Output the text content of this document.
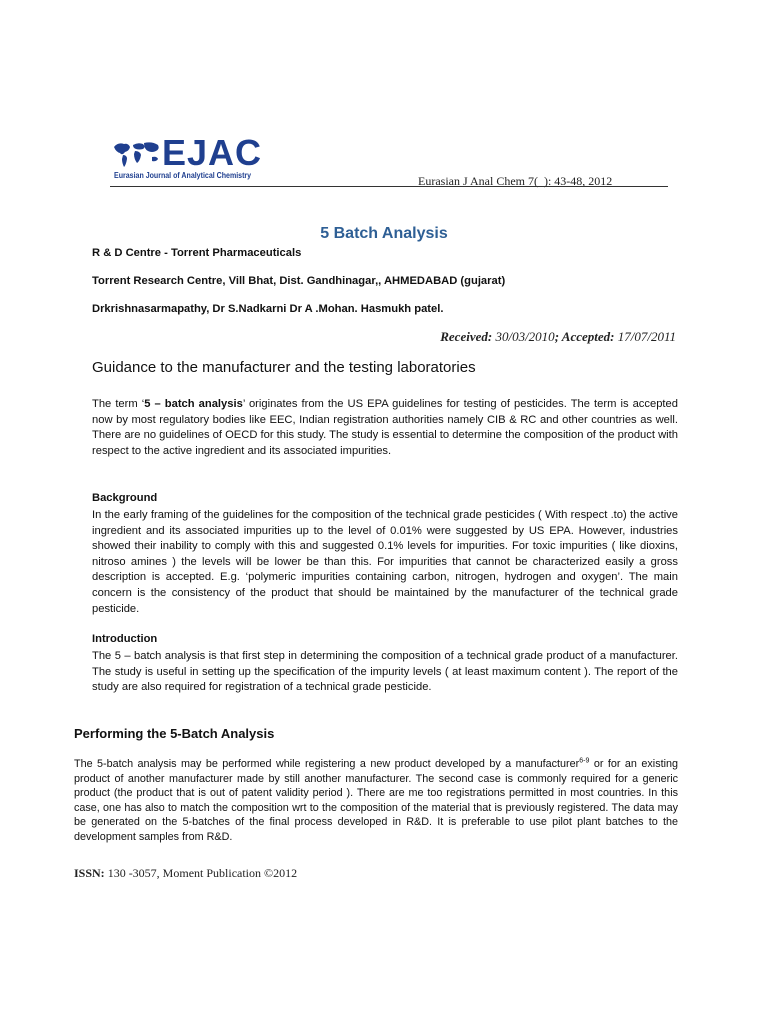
EJAC
Eurasian Journal of Analytical Chemistry	Eurasian J Anal Chem 7(_): 43-48, 2012
5 Batch Analysis
R & D Centre - Torrent Pharmaceuticals
Torrent Research Centre, Vill Bhat, Dist. Gandhinagar,, AHMEDABAD (gujarat)
Drkrishnasarmapathy, Dr S.Nadkarni Dr A .Mohan. Hasmukh patel.
Received: 30/03/2010; Accepted: 17/07/2011
Guidance to the manufacturer and the testing laboratories

The term ‘5 – batch analysis’ originates from the US EPA guidelines for testing of pesticides. The term is accepted now by most regulatory bodies like EEC, Indian registration authorities namely CIB & RC and other countries as well. There are no guidelines of OECD for this study. The study is essential to determine the composition of the product with respect to the active ingredient and its associated impurities.

Background

In the early framing of the guidelines for the composition of the technical grade pesticides ( With respect .to) the active ingredient and its associated impurities up to the level of 0.01% were suggested by US EPA. However, industries showed their inability to comply with this and suggested 0.1% levels for impurities. For toxic impurities ( like dioxins, nitroso amines ) the levels will be lower be than this. For impurities that cannot be characterized easily a gross description is accepted. E.g. ‘polymeric impurities containing carbon, nitrogen, hydrogen and oxygen’. The main concern is the consistency of the product that should be maintained by the manufacturer of the technical grade pesticide.

Introduction

The 5 – batch analysis is that first step in determining the composition of a technical grade product of a manufacturer. The study is useful in setting up the specification of the impurity levels ( at least maximum content ). The report of the study are also required for registration of a technical grade pesticide.

Performing the 5-Batch Analysis

The 5-batch analysis may be performed while registering a new product developed by a manufacturer$^{6-9}$ or for an existing product of another manufacturer made by still another manufacturer. The second case is commonly required for a generic product (the product that is out of patent validity period ). There are me too registrations permitted in most countries. In this case, one has also to match the composition wrt to the composition of the material that is previously registered. The data may be generated on the 5-batches of the final process developed in R&D. It is preferable to use pilot plant batches to the development samples from R&D.

ISSN: 130 -3057, Moment Publication ©2012
